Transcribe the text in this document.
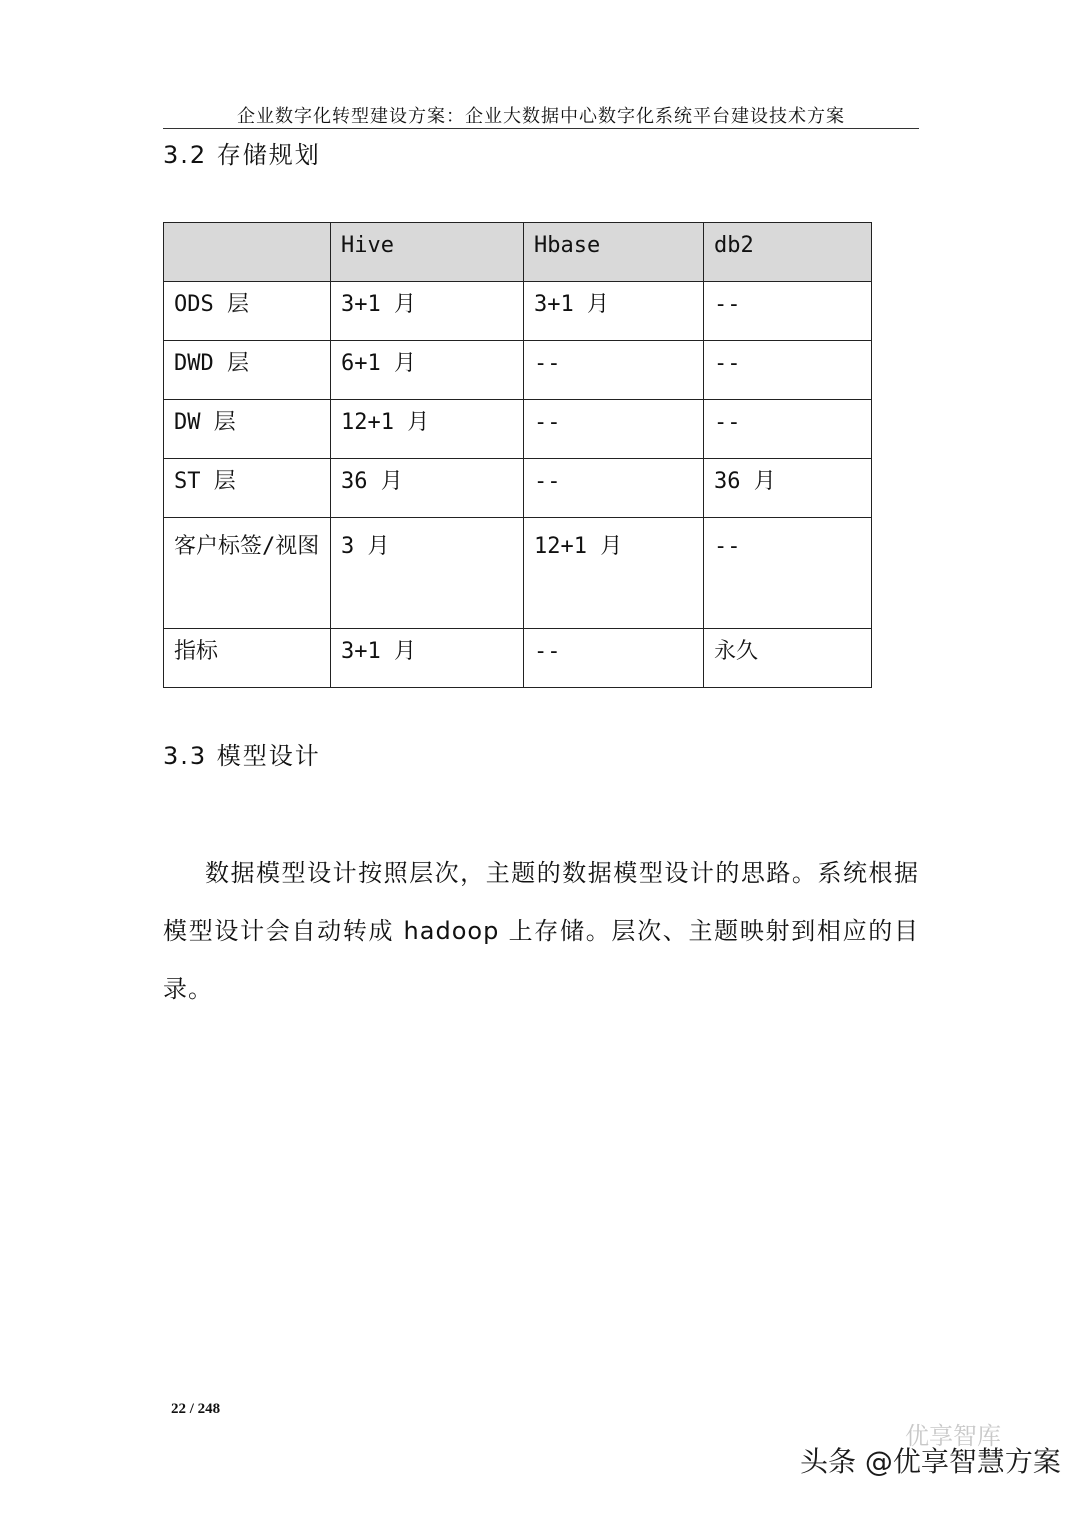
企业数字化转型建设方案：企业大数据中心数字化系统平台建设技术方案
3.2 存储规划
	Hive	Hbase	db2
ODS 层	3+1 月	3+1 月	--
DWD 层	6+1 月	--	--
DW 层	12+1 月	--	--
ST 层	36 月	--	36 月
客户标签/视图	3 月	12+1 月	--
指标	3+1 月	--	永久
3.3 模型设计

数据模型设计按照层次，主题的数据模型设计的思路。系统根据模型设计会自动转成 hadoop 上存储。层次、主题映射到相应的目录。

22 / 248
优享智库
头条 @优享智慧方案
